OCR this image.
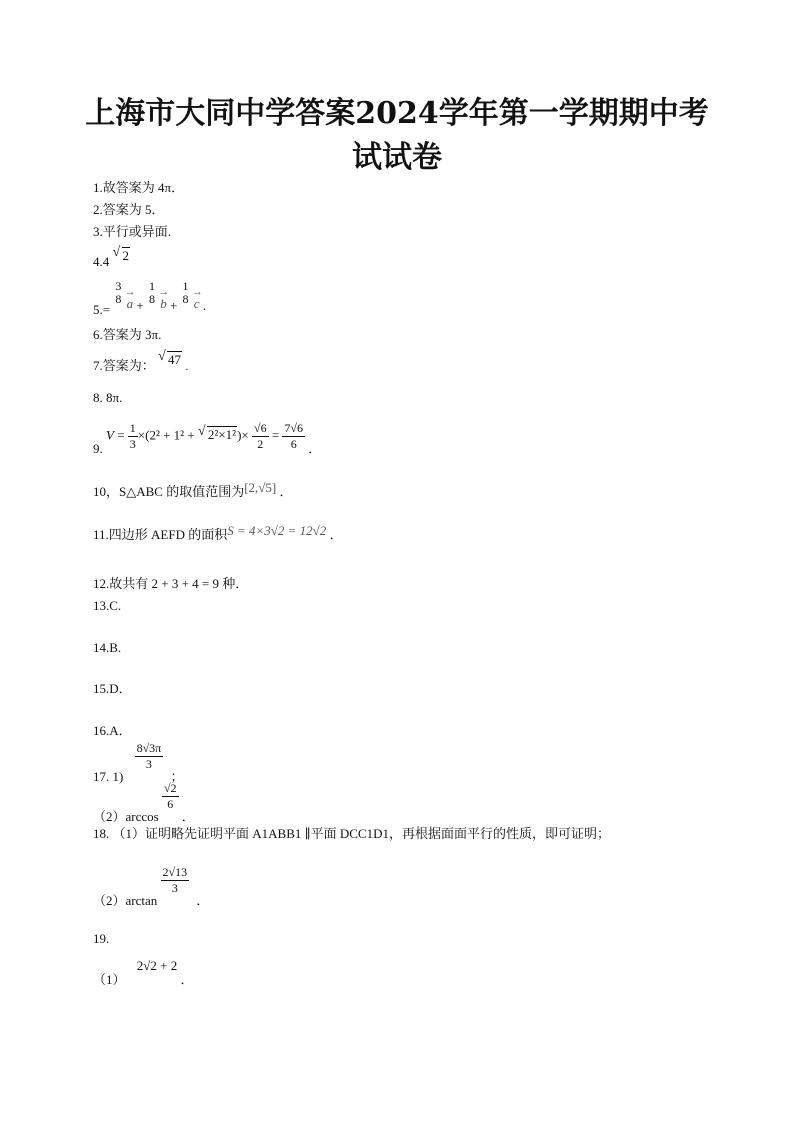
上海市大同中学答案2024学年第一学期期中考试试卷
1.故答案为 4π．
2.答案为 5．
3.平行或异面.
4.4
√ 2
5.=
3
8 → a +
1
8 → b +
1
8 → c .
6.答案为 3π.
7.答案为：
√ 47 .
8. 8π.
9. $V = \frac{1}{3} \times(2^2 + 1^2$ + √ $2^2\times 1^2)\times \frac{√6}{2} = \frac{7√6}{6}$ ．
10，S△ABC 的取值范围为[2,√5] ．
11.四边形 AEFD 的面积S = 4×3√2 = 12√2 ．
12.故共有 2 + 3 + 4 = 9 种．
13.C.
14.B.
15.D．
16.A．
17. 1)
$\frac{8√3\pi}{3}$
；
（2）arccos
$\frac{√2}{6}$
．
18. （1）证明略先证明平面 A1ABB1 ∥平面 DCC1D1，再根据面面平行的性质，即可证明；
（2）arctan
$\frac{2√13}{3}$
．
19.
（1） 2√2 + 2 ．
